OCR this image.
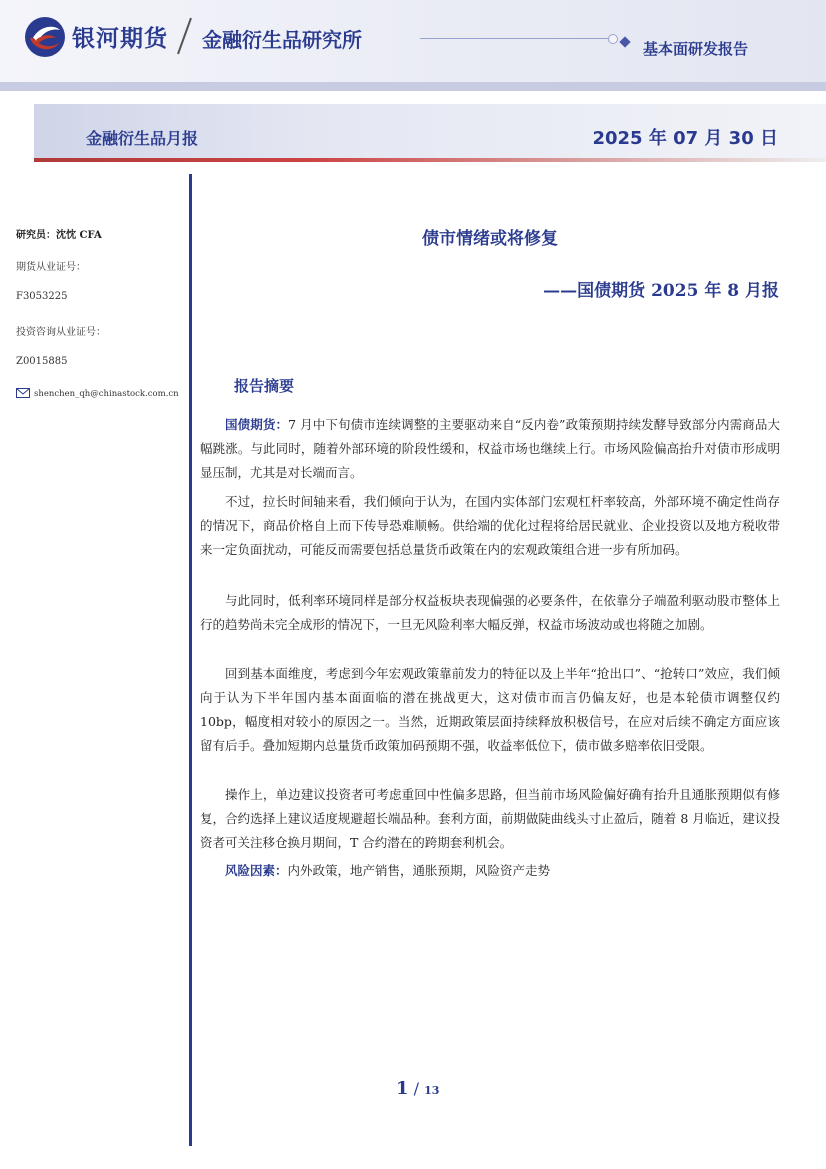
银河期货 金融衍生品研究所	基本面研发报告
金融衍生品月报	2025 年 07 月 30 日
研究员：沈忱 CFA
期货从业证号：
F3053225
投资咨询从业证号：
Z0015885
shenchen_qh@chinastock.com.cn
债市情绪或将修复
——国债期货 2025 年 8 月报
报告摘要

国债期货：7 月中下旬债市连续调整的主要驱动来自“反内卷”政策预期持续发酵导致部分内需商品大幅跳涨。与此同时，随着外部环境的阶段性缓和，权益市场也继续上行。市场风险偏高抬升对债市形成明显压制，尤其是对长端而言。

不过，拉长时间轴来看，我们倾向于认为，在国内实体部门宏观杠杆率较高，外部环境不确定性尚存的情况下，商品价格自上而下传导恐难顺畅。供给端的优化过程将给居民就业、企业投资以及地方税收带来一定负面扰动，可能反而需要包括总量货币政策在内的宏观政策组合进一步有所加码。

与此同时，低利率环境同样是部分权益板块表现偏强的必要条件，在依靠分子端盈利驱动股市整体上行的趋势尚未完全成形的情况下，一旦无风险利率大幅反弹，权益市场波动或也将随之加剧。

回到基本面维度，考虑到今年宏观政策靠前发力的特征以及上半年“抢出口”、“抢转口”效应，我们倾向于认为下半年国内基本面面临的潜在挑战更大，这对债市而言仍偏友好，也是本轮债市调整仅约 10bp，幅度相对较小的原因之一。当然，近期政策层面持续释放积极信号，在应对后续不确定方面应该留有后手。叠加短期内总量货币政策加码预期不强，收益率低位下，债市做多赔率依旧受限。

操作上，单边建议投资者可考虑重回中性偏多思路，但当前市场风险偏好确有抬升且通胀预期似有修复，合约选择上建议适度规避超长端品种。套利方面，前期做陡曲线头寸止盈后，随着 8 月临近，建议投资者可关注移仓换月期间，T 合约潜在的跨期套利机会。

风险因素：内外政策，地产销售，通胀预期，风险资产走势

1 / 13
